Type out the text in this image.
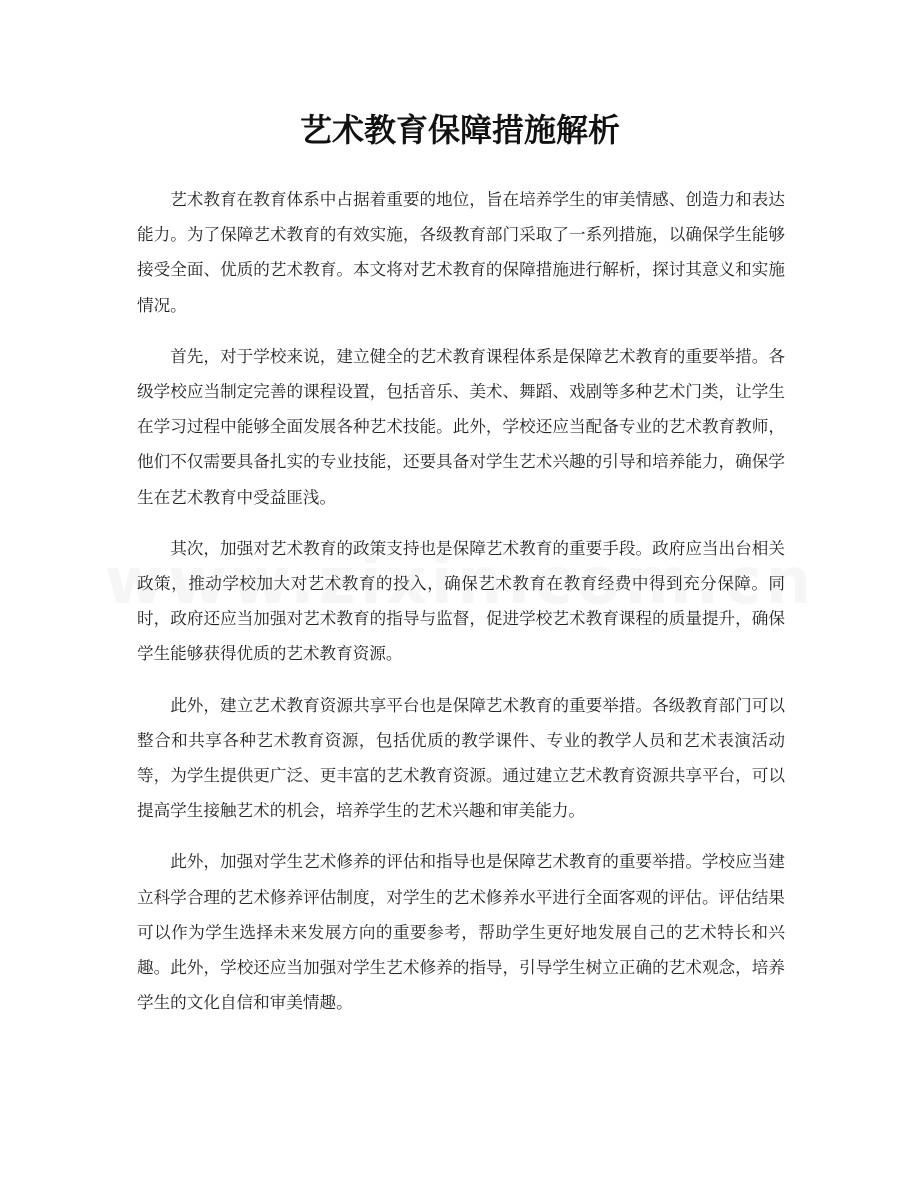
艺术教育保障措施解析

艺术教育在教育体系中占据着重要的地位，旨在培养学生的审美情感、创造力和表达能力。为了保障艺术教育的有效实施，各级教育部门采取了一系列措施，以确保学生能够接受全面、优质的艺术教育。本文将对艺术教育的保障措施进行解析，探讨其意义和实施情况。

首先，对于学校来说，建立健全的艺术教育课程体系是保障艺术教育的重要举措。各级学校应当制定完善的课程设置，包括音乐、美术、舞蹈、戏剧等多种艺术门类，让学生在学习过程中能够全面发展各种艺术技能。此外，学校还应当配备专业的艺术教育教师，他们不仅需要具备扎实的专业技能，还要具备对学生艺术兴趣的引导和培养能力，确保学生在艺术教育中受益匪浅。

其次，加强对艺术教育的政策支持也是保障艺术教育的重要手段。政府应当出台相关政策，推动学校加大对艺术教育的投入，确保艺术教育在教育经费中得到充分保障。同时，政府还应当加强对艺术教育的指导与监督，促进学校艺术教育课程的质量提升，确保学生能够获得优质的艺术教育资源。

此外，建立艺术教育资源共享平台也是保障艺术教育的重要举措。各级教育部门可以整合和共享各种艺术教育资源，包括优质的教学课件、专业的教学人员和艺术表演活动等，为学生提供更广泛、更丰富的艺术教育资源。通过建立艺术教育资源共享平台，可以提高学生接触艺术的机会，培养学生的艺术兴趣和审美能力。

此外，加强对学生艺术修养的评估和指导也是保障艺术教育的重要举措。学校应当建立科学合理的艺术修养评估制度，对学生的艺术修养水平进行全面客观的评估。评估结果可以作为学生选择未来发展方向的重要参考，帮助学生更好地发展自己的艺术特长和兴趣。此外，学校还应当加强对学生艺术修养的指导，引导学生树立正确的艺术观念，培养学生的文化自信和审美情趣。
